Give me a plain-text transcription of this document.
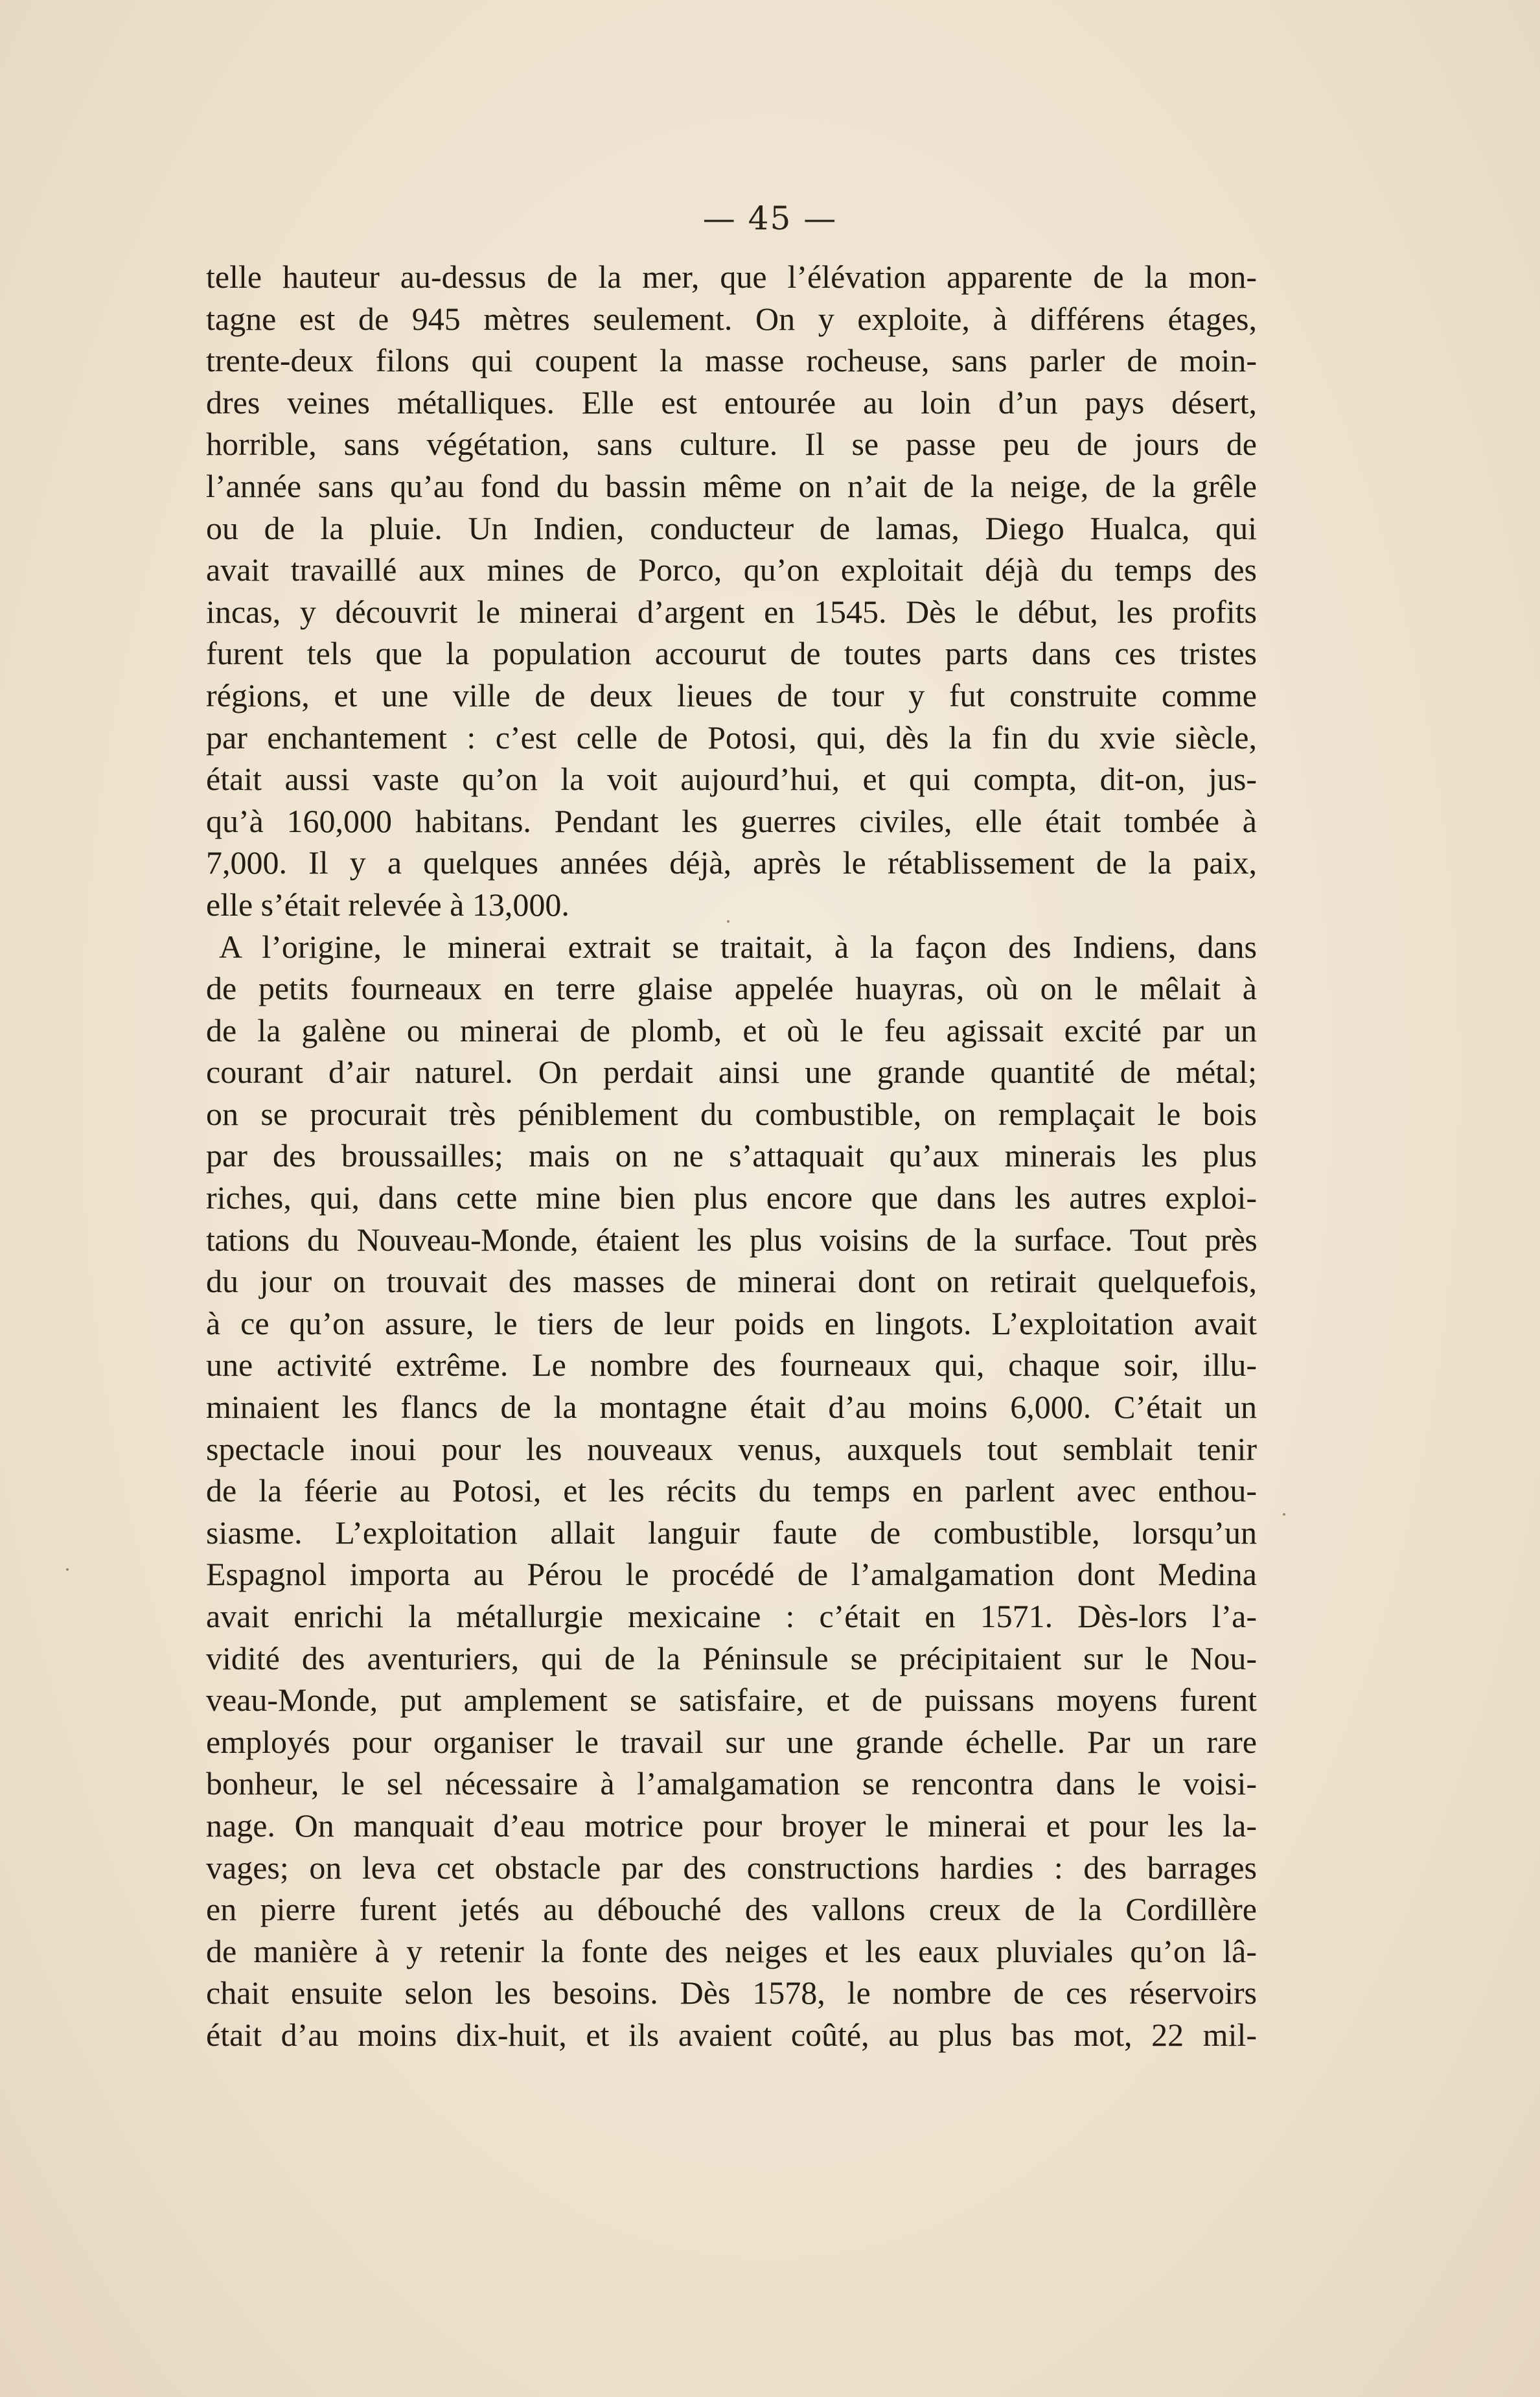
— 45 —
telle hauteur au-dessus de la mer, que l’élévation apparente de la mon-
tagne est de 945 mètres seulement. On y exploite, à différens étages,
trente-deux filons qui coupent la masse rocheuse, sans parler de moin-
dres veines métalliques. Elle est entourée au loin d’un pays désert,
horrible, sans végétation, sans culture. Il se passe peu de jours de
l’année sans qu’au fond du bassin même on n’ait de la neige, de la grêle
ou de la pluie. Un Indien, conducteur de lamas, Diego Hualca, qui
avait travaillé aux mines de Porco, qu’on exploitait déjà du temps des
incas, y découvrit le minerai d’argent en 1545. Dès le début, les profits
furent tels que la population accourut de toutes parts dans ces tristes
régions, et une ville de deux lieues de tour y fut construite comme
par enchantement : c’est celle de Potosi, qui, dès la fin du xvie siècle,
était aussi vaste qu’on la voit aujourd’hui, et qui compta, dit-on, jus-
qu’à 160,000 habitans. Pendant les guerres civiles, elle était tombée à
7,000. Il y a quelques années déjà, après le rétablissement de la paix,
elle s’était relevée à 13,000.
A l’origine, le minerai extrait se traitait, à la façon des Indiens, dans
de petits fourneaux en terre glaise appelée huayras, où on le mêlait à
de la galène ou minerai de plomb, et où le feu agissait excité par un
courant d’air naturel. On perdait ainsi une grande quantité de métal;
on se procurait très péniblement du combustible, on remplaçait le bois
par des broussailles; mais on ne s’attaquait qu’aux minerais les plus
riches, qui, dans cette mine bien plus encore que dans les autres exploi-
tations du Nouveau-Monde, étaient les plus voisins de la surface. Tout près
du jour on trouvait des masses de minerai dont on retirait quelquefois,
à ce qu’on assure, le tiers de leur poids en lingots. L’exploitation avait
une activité extrême. Le nombre des fourneaux qui, chaque soir, illu-
minaient les flancs de la montagne était d’au moins 6,000. C’était un
spectacle inoui pour les nouveaux venus, auxquels tout semblait tenir
de la féerie au Potosi, et les récits du temps en parlent avec enthou-
siasme. L’exploitation allait languir faute de combustible, lorsqu’un
Espagnol importa au Pérou le procédé de l’amalgamation dont Medina
avait enrichi la métallurgie mexicaine : c’était en 1571. Dès-lors l’a-
vidité des aventuriers, qui de la Péninsule se précipitaient sur le Nou-
veau-Monde, put amplement se satisfaire, et de puissans moyens furent
employés pour organiser le travail sur une grande échelle. Par un rare
bonheur, le sel nécessaire à l’amalgamation se rencontra dans le voisi-
nage. On manquait d’eau motrice pour broyer le minerai et pour les la-
vages; on leva cet obstacle par des constructions hardies : des barrages
en pierre furent jetés au débouché des vallons creux de la Cordillère
de manière à y retenir la fonte des neiges et les eaux pluviales qu’on lâ-
chait ensuite selon les besoins. Dès 1578, le nombre de ces réservoirs
était d’au moins dix-huit, et ils avaient coûté, au plus bas mot, 22 mil-
